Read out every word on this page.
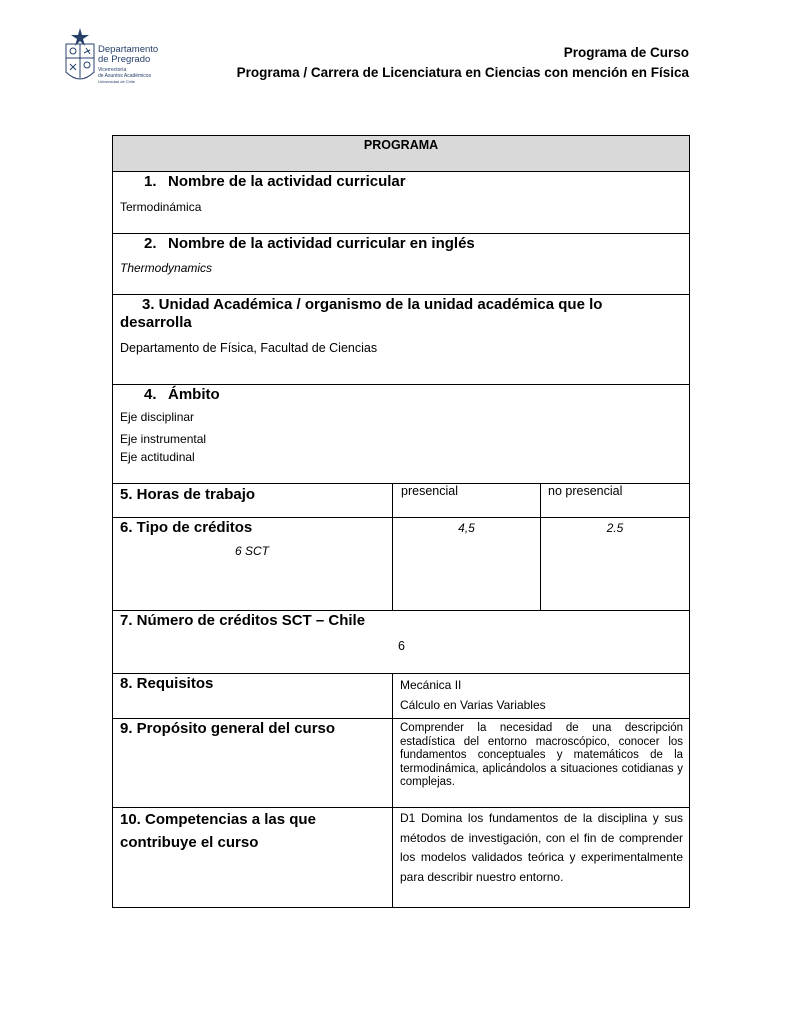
Departamento
de Pregrado
Vicerrectoría
de Asuntos Académicos
Universidad de Chile
Programa de Curso
Programa / Carrera de Licenciatura en Ciencias con mención en Física
PROGRAMA		

1. Nombre de la actividad curricular
Termodinámica		

2. Nombre de la actividad curricular en inglés
Thermodynamics		

3. Unidad Académica / organismo de la unidad académica que lo
desarrolla
Departamento de Física, Facultad de Ciencias		

4. Ámbito
Eje disciplinar
Eje instrumental
Eje actitudinal		

5. Horas de trabajo	presencial	no presencial

6. Tipo de créditos
6 SCT	4,5	2.5

7. Número de créditos SCT – Chile
6		

8. Requisitos	Mecánica II
Cálculo en Varias Variables	

9. Propósito general del curso	Comprender la necesidad de una descripción estadística del entorno macroscópico, conocer los fundamentos conceptuales y matemáticos de la termodinámica, aplicándolos a situaciones cotidianas y complejas.	

10. Competencias a las que
contribuye el curso	D1 Domina los fundamentos de la disciplina y sus métodos de investigación, con el fin de comprender los modelos validados teórica y experimentalmente para describir nuestro entorno.	
